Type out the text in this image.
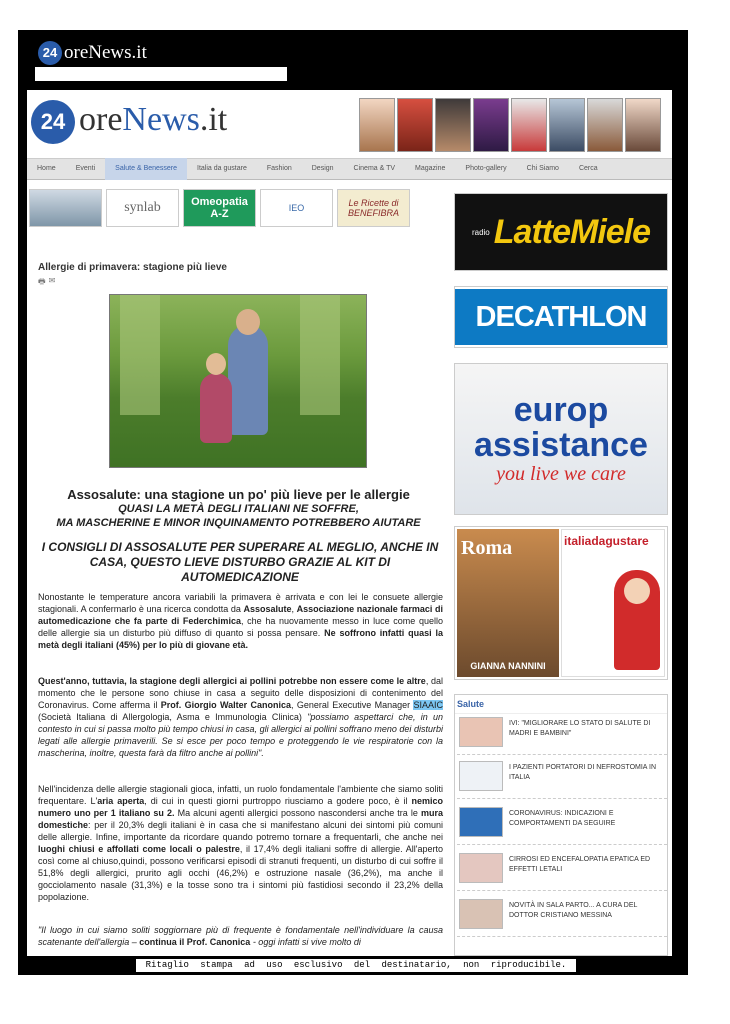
24 oreNews.it
24 oreNews.it
Home	Eventi	Salute & Benessere	Italia da gustare	Fashion	Design	Cinema & TV	Magazine	Photo-gallery	Chi Siamo	Cerca
synlab	Omeopatia A-Z	IEO	Le Ricette di BENEFIBRA
Allergie di primavera: stagione più lieve
🖶 ✉
Assosalute: una stagione un po' più lieve per le allergie
QUASI LA METÀ DEGLI ITALIANI NE SOFFRE,
MA MASCHERINE E MINOR INQUINAMENTO POTREBBERO AIUTARE
I CONSIGLI DI ASSOSALUTE PER SUPERARE AL MEGLIO, ANCHE IN CASA, QUESTO LIEVE DISTURBO GRAZIE AL KIT DI AUTOMEDICAZIONE
Nonostante le temperature ancora variabili la primavera è arrivata e con lei le consuete allergie stagionali. A confermarlo è una ricerca condotta da Assosalute, Associazione nazionale farmaci di automedicazione che fa parte di Federchimica, che ha nuovamente messo in luce come quello delle allergie sia un disturbo più diffuso di quanto si possa pensare. Ne soffrono infatti quasi la metà degli italiani (45%) per lo più di giovane età.
Quest'anno, tuttavia, la stagione degli allergici ai pollini potrebbe non essere come le altre, dal momento che le persone sono chiuse in casa a seguito delle disposizioni di contenimento del Coronavirus. Come afferma il Prof. Giorgio Walter Canonica, General Executive Manager SIAAIC (Società Italiana di Allergologia, Asma e Immunologia Clinica) "possiamo aspettarci che, in un contesto in cui si passa molto più tempo chiusi in casa, gli allergici ai pollini soffrano meno dei disturbi legati alle allergie primaverili. Se si esce per poco tempo e proteggendo le vie respiratorie con la mascherina, inoltre, questa farà da filtro anche ai pollini".
Nell'incidenza delle allergie stagionali gioca, infatti, un ruolo fondamentale l'ambiente che siamo soliti frequentare. L'aria aperta, di cui in questi giorni purtroppo riusciamo a godere poco, è il nemico numero uno per 1 italiano su 2. Ma alcuni agenti allergici possono nascondersi anche tra le mura domestiche: per il 20,3% degli italiani è in casa che si manifestano alcuni dei sintomi più comuni delle allergie. Infine, importante da ricordare quando potremo tornare a frequentarli, che anche nei luoghi chiusi e affollati come locali o palestre, il 17,4% degli italiani soffre di allergie. All'aperto così come al chiuso,quindi, possono verificarsi episodi di stranuti frequenti, un disturbo di cui soffre il 51,8% degli allergici, prurito agli occhi (46,2%) e ostruzione nasale (36,2%), ma anche il gocciolamento nasale (31,3%) e la tosse sono tra i sintomi più fastidiosi secondo il 23,2% della popolazione.
"Il luogo in cui siamo soliti soggiornare più di frequente è fondamentale nell'individuare la causa scatenante dell'allergia – continua il Prof. Canonica - oggi infatti si vive molto di
radio LatteMiele
DECATHLON
europ
assistance
you live we care
Roma
GIANNA NANNINI
italiadagustare
Salute
IVI: "MIGLIORARE LO STATO DI SALUTE DI MADRI E BAMBINI"
I PAZIENTI PORTATORI DI NEFROSTOMIA IN ITALIA
CORONAVIRUS: INDICAZIONI E COMPORTAMENTI DA SEGUIRE
CIRROSI ED ENCEFALOPATIA EPATICA ED EFFETTI LETALI
NOVITÀ IN SALA PARTO... A CURA DEL DOTTOR CRISTIANO MESSINA
Ritaglio stampa ad uso esclusivo del destinatario, non riproducibile.
